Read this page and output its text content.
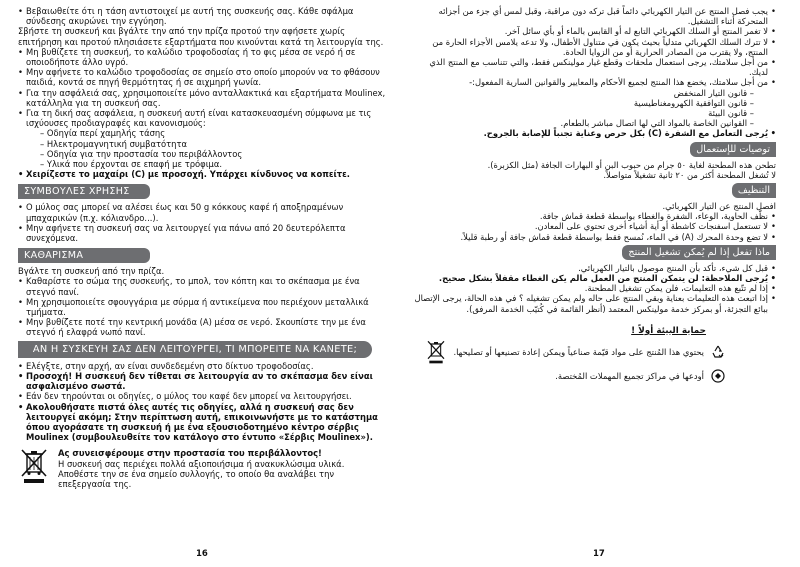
• Βεβαιωθείτε ότι η τάση αντιστοιχεί με αυτή της συσκευής σας. Κάθε σφάλμα σύνδεσης ακυρώνει την εγγύηση.

Σβήστε τη συσκευή και βγάλτε την από την πρίζα προτού την αφήσετε χωρίς επιτήρηση και προτού πλησιάσετε εξαρτήματα που κινούνται κατά τη λειτουργία της.

• Μη βυθίζετε τη συσκευή, το καλώδιο τροφοδοσίας ή το φις μέσα σε νερό ή σε οποιοδήποτε άλλο υγρό.
• Μην αφήνετε το καλώδιο τροφοδοσίας σε σημείο στο οποίο μπορούν να το φθάσουν παιδιά, κοντά σε πηγή θερμότητας ή σε αιχμηρή γωνία.
• Για την ασφάλειά σας, χρησιμοποιείτε μόνο ανταλλακτικά και εξαρτήματα Moulinex, κατάλληλα για τη συσκευή σας.
• Για τη δική σας ασφάλεια, η συσκευή αυτή είναι κατασκευασμένη σύμφωνα με τις ισχύουσες προδιαγραφές και κανονισμούς:
– Οδηγία περί χαμηλής τάσης
– Ηλεκτρομαγνητική συμβατότητα
– Οδηγία για την προστασία του περιβάλλοντος
– Υλικά που έρχονται σε επαφή με τρόφιμα.
• Χειρίζεστε το μαχαίρι (C) με προσοχή. Υπάρχει κίνδυνος να κοπείτε.
ΣΥΜΒΟΥΛΕΣ ΧΡΗΣΗΣ
• Ο μύλος σας μπορεί να αλέσει έως και 50 g κόκκους καφέ ή αποξηραμένων μπαχαρικών (π.χ. κόλιανδρο...).
• Μην αφήνετε τη συσκευή σας να λειτουργεί για πάνω από 20 δευτερόλεπτα συνεχόμενα.
ΚΑΘΑΡΙΣΜΑ

Βγάλτε τη συσκευή από την πρίζα.

• Καθαρίστε το σώμα της συσκευής, το μπολ, τον κόπτη και το σκέπασμα με ένα στεγνό πανί.
• Μη χρησιμοποιείτε σφουγγάρια με σύρμα ή αντικείμενα που περιέχουν μεταλλικά τμήματα.
• Μην βυθίζετε ποτέ την κεντρική μονάδα (A) μέσα σε νερό. Σκουπίστε την με ένα στεγνό ή ελαφρά νωπό πανί.
ΑΝ Η ΣΥΣΚΕΥΗ ΣΑΣ ΔΕΝ ΛΕΙΤΟΥΡΓΕΙ, ΤΙ ΜΠΟΡΕΙΤΕ ΝΑ ΚΑΝΕΤΕ;
• Ελέγξτε, στην αρχή, αν είναι συνδεδεμένη στο δίκτυο τροφοδοσίας.
• Προσοχή! Η συσκευή δεν τίθεται σε λειτουργία αν το σκέπασμα δεν είναι ασφαλισμένο σωστά.
• Εάν δεν τηρούνται οι οδηγίες, ο μύλος του καφέ δεν μπορεί να λειτουργήσει.
• Ακολουθήσατε πιστά όλες αυτές τις οδηγίες, αλλά η συσκευή σας δεν λειτουργεί ακόμη; Στην περίπτωση αυτή, επικοινωνήστε με το κατάστημα όπου αγοράσατε τη συσκευή ή με ένα εξουσιοδοτημένο κέντρο σέρβις Moulinex (συμβουλευθείτε τον κατάλογο στο έντυπο «Σέρβις Moulinex»).
Ας συνεισφέρουμε στην προστασία του περιβάλλοντος!
Η συσκευή σας περιέχει πολλά αξιοποιήσιμα ή ανακυκλώσιμα υλικά. Αποθέστε την σε ένα σημείο συλλογής, το οποίο θα αναλάβει την επεξεργασία της.
16
• يجب فصل المنتج عن التيار الكهربائي دائماً قبل تركه دون مراقبة، وقبل لمس أي جزء من أجزائه المتحركة أثناء التشغيل.
• لا تغمر المنتج أو السلك الكهربائي التابع له أو القابس بالماء أو بأي سائل آخر.
• لا تترك السلك الكهربائي متدلياً بحيث يكون في متناول الأطفال، ولا تدعه يلامس الأجزاء الحارة من المنتج، ولا يقترب من المصادر الحرارية أو من الزوايا الحادة.
• من أجل سلامتك، يرجى استعمال ملحقات وقطع غيار مولينكس فقط، والتي تتناسب مع المنتج الذي لديك.
• من أجل سلامتك، يخضع هذا المنتج لجميع الأحكام والمعايير والقوانين السارية المفعول:-
– قانون التيار المنخفض
– قانون التوافقية الكهرومغناطيسية
– قانون البيئة
– القوانين الخاصة بالمواد التي لها اتصال مباشر بالطعام.
• يُرجى التعامل مع الشفرة (C) بكل حرص وعناية تجنباً للإصابة بالجروح.
توصيات للإستعمال

تطحن هذه المطحنة لغاية ٥٠ جرام من حبوب البن أو البهارات الجافة (مثل الكزبرة).

لا تُشغل المطحنة أكثر من ٢٠ ثانية تشغيلاً متواصلاً.

التنظيف

افصل المنتج عن التيار الكهربائي.

• نظّف الحاوية، الوعاء، الشفرة والغطاء بواسطة قطعة قماش جافة.
• لا تستعمل اسفنجات كاشطة أو أية أشياء أخرى تحتوي على المعادن.
• لا تضع وحدة المحرك (A) في الماء، نُمسح فقط بواسطة قطعة قماش جافة أو رطبة قليلاً.
ماذا تفعل إذا لم يُمكن تشغيل المنتج
• قبل كل شيء، تأكد بأن المنتج موصول بالتيار الكهربائي.
• يُرجى الملاحظة: لن يتمكن المنتج من العمل مالم يكن الغطاء مقفلاً بشكل صحيح.
• إذا لم تتّبع هذه التعليمات، فلن يمكن تشغيل المطحنة.
• إذا اتبعت هذه التعليمات بعناية وبقي المنتج على حاله ولم يمكن تشغيله ؟ في هذه الحالة، يرجى الإتصال ببائع التجزئة، أو بمركز خدمة مولينكس المعتمد (أنظر القائمة في كُتيّب الخدمة المرفق).
حماية البيئة أولاً !
يحتوي هذا المُنتج على مواد قيّمة صناعياً ويمكن إعادة تصنيعها أو تصليحها.
أودعها في مراكز تجميع المهملات المُختصة.
17
